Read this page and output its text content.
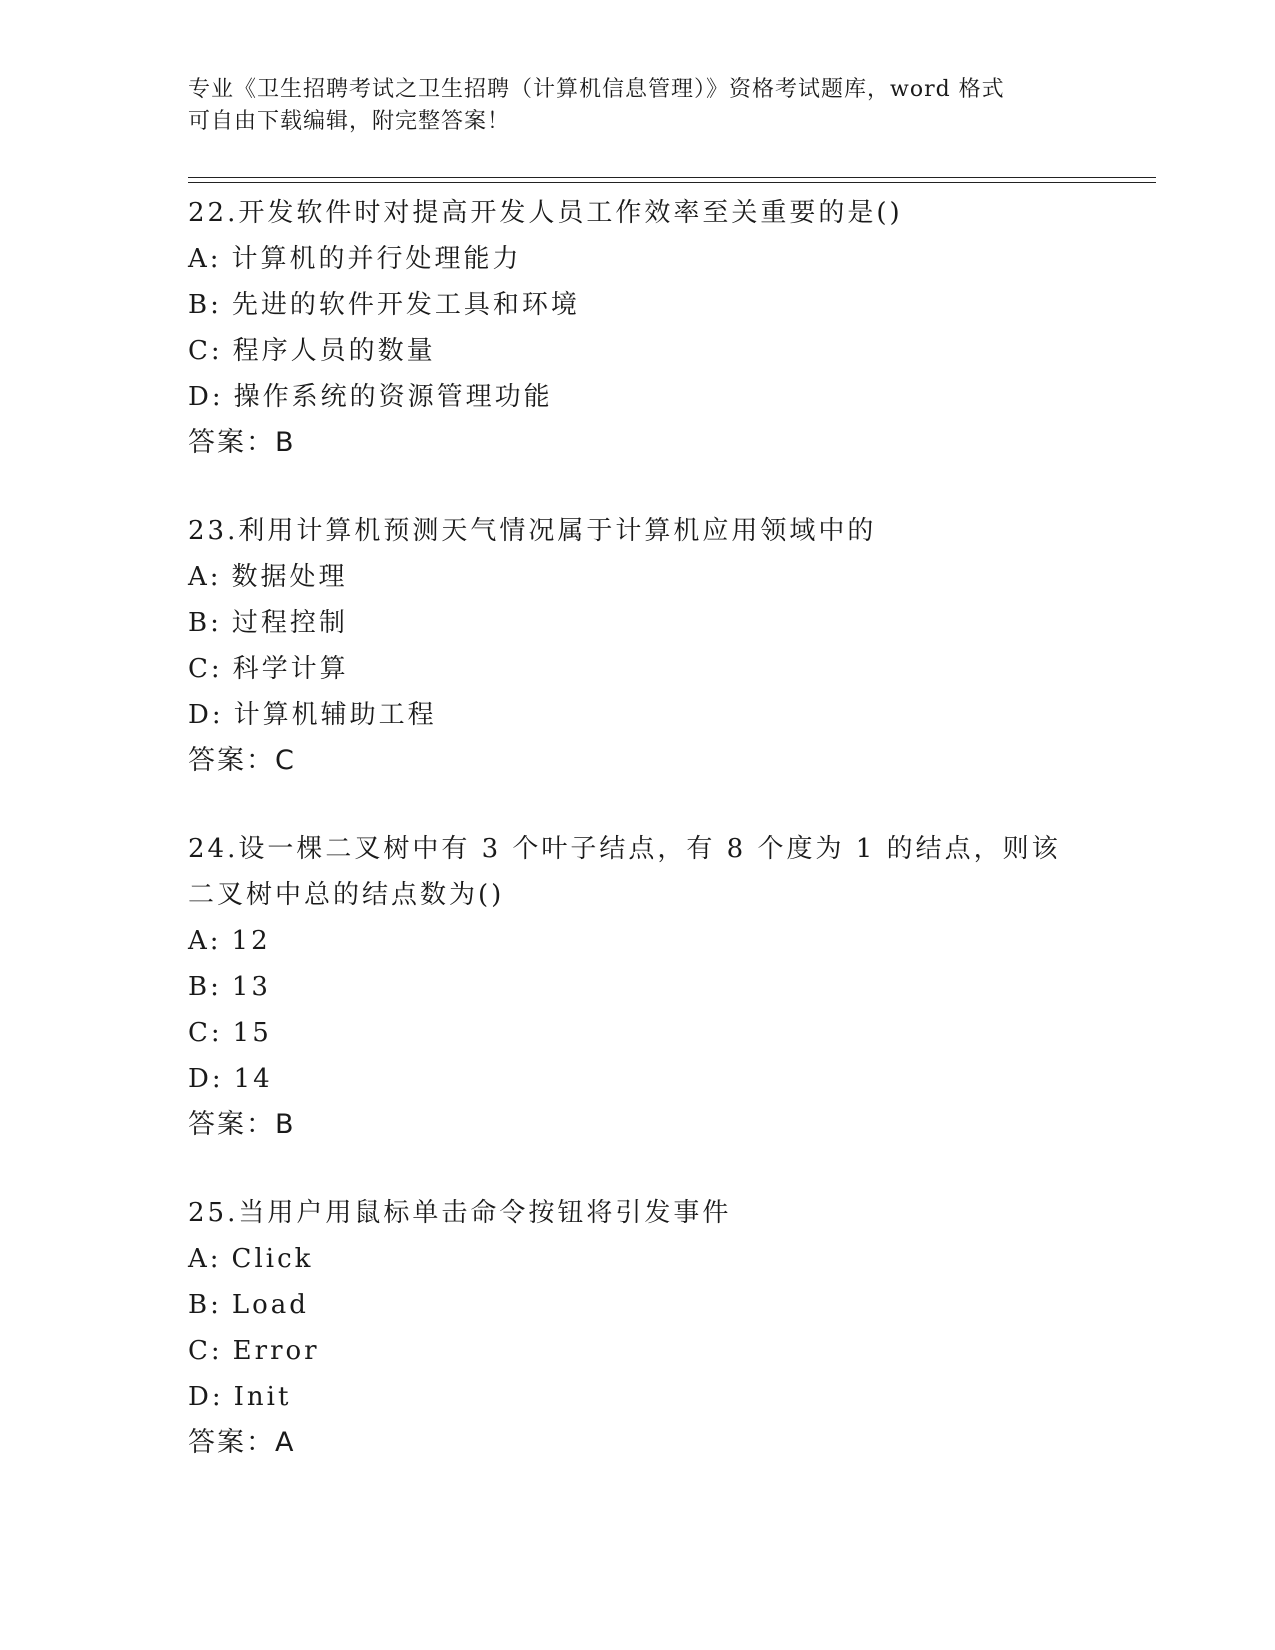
专业《卫生招聘考试之卫生招聘（计算机信息管理）》资格考试题库，word 格式
可自由下载编辑，附完整答案！

22.开发软件时对提高开发人员工作效率至关重要的是()

A: 计算机的并行处理能力

B: 先进的软件开发工具和环境

C: 程序人员的数量

D: 操作系统的资源管理功能

答案：B

23.利用计算机预测天气情况属于计算机应用领域中的

A: 数据处理

B: 过程控制

C: 科学计算

D: 计算机辅助工程

答案：C

24.设一棵二叉树中有 3 个叶子结点，有 8 个度为 1 的结点，则该二叉树中总的结点数为()

A: 12

B: 13

C: 15

D: 14

答案：B

25.当用户用鼠标单击命令按钮将引发事件

A: Click

B: Load

C: Error

D: Init

答案：A
